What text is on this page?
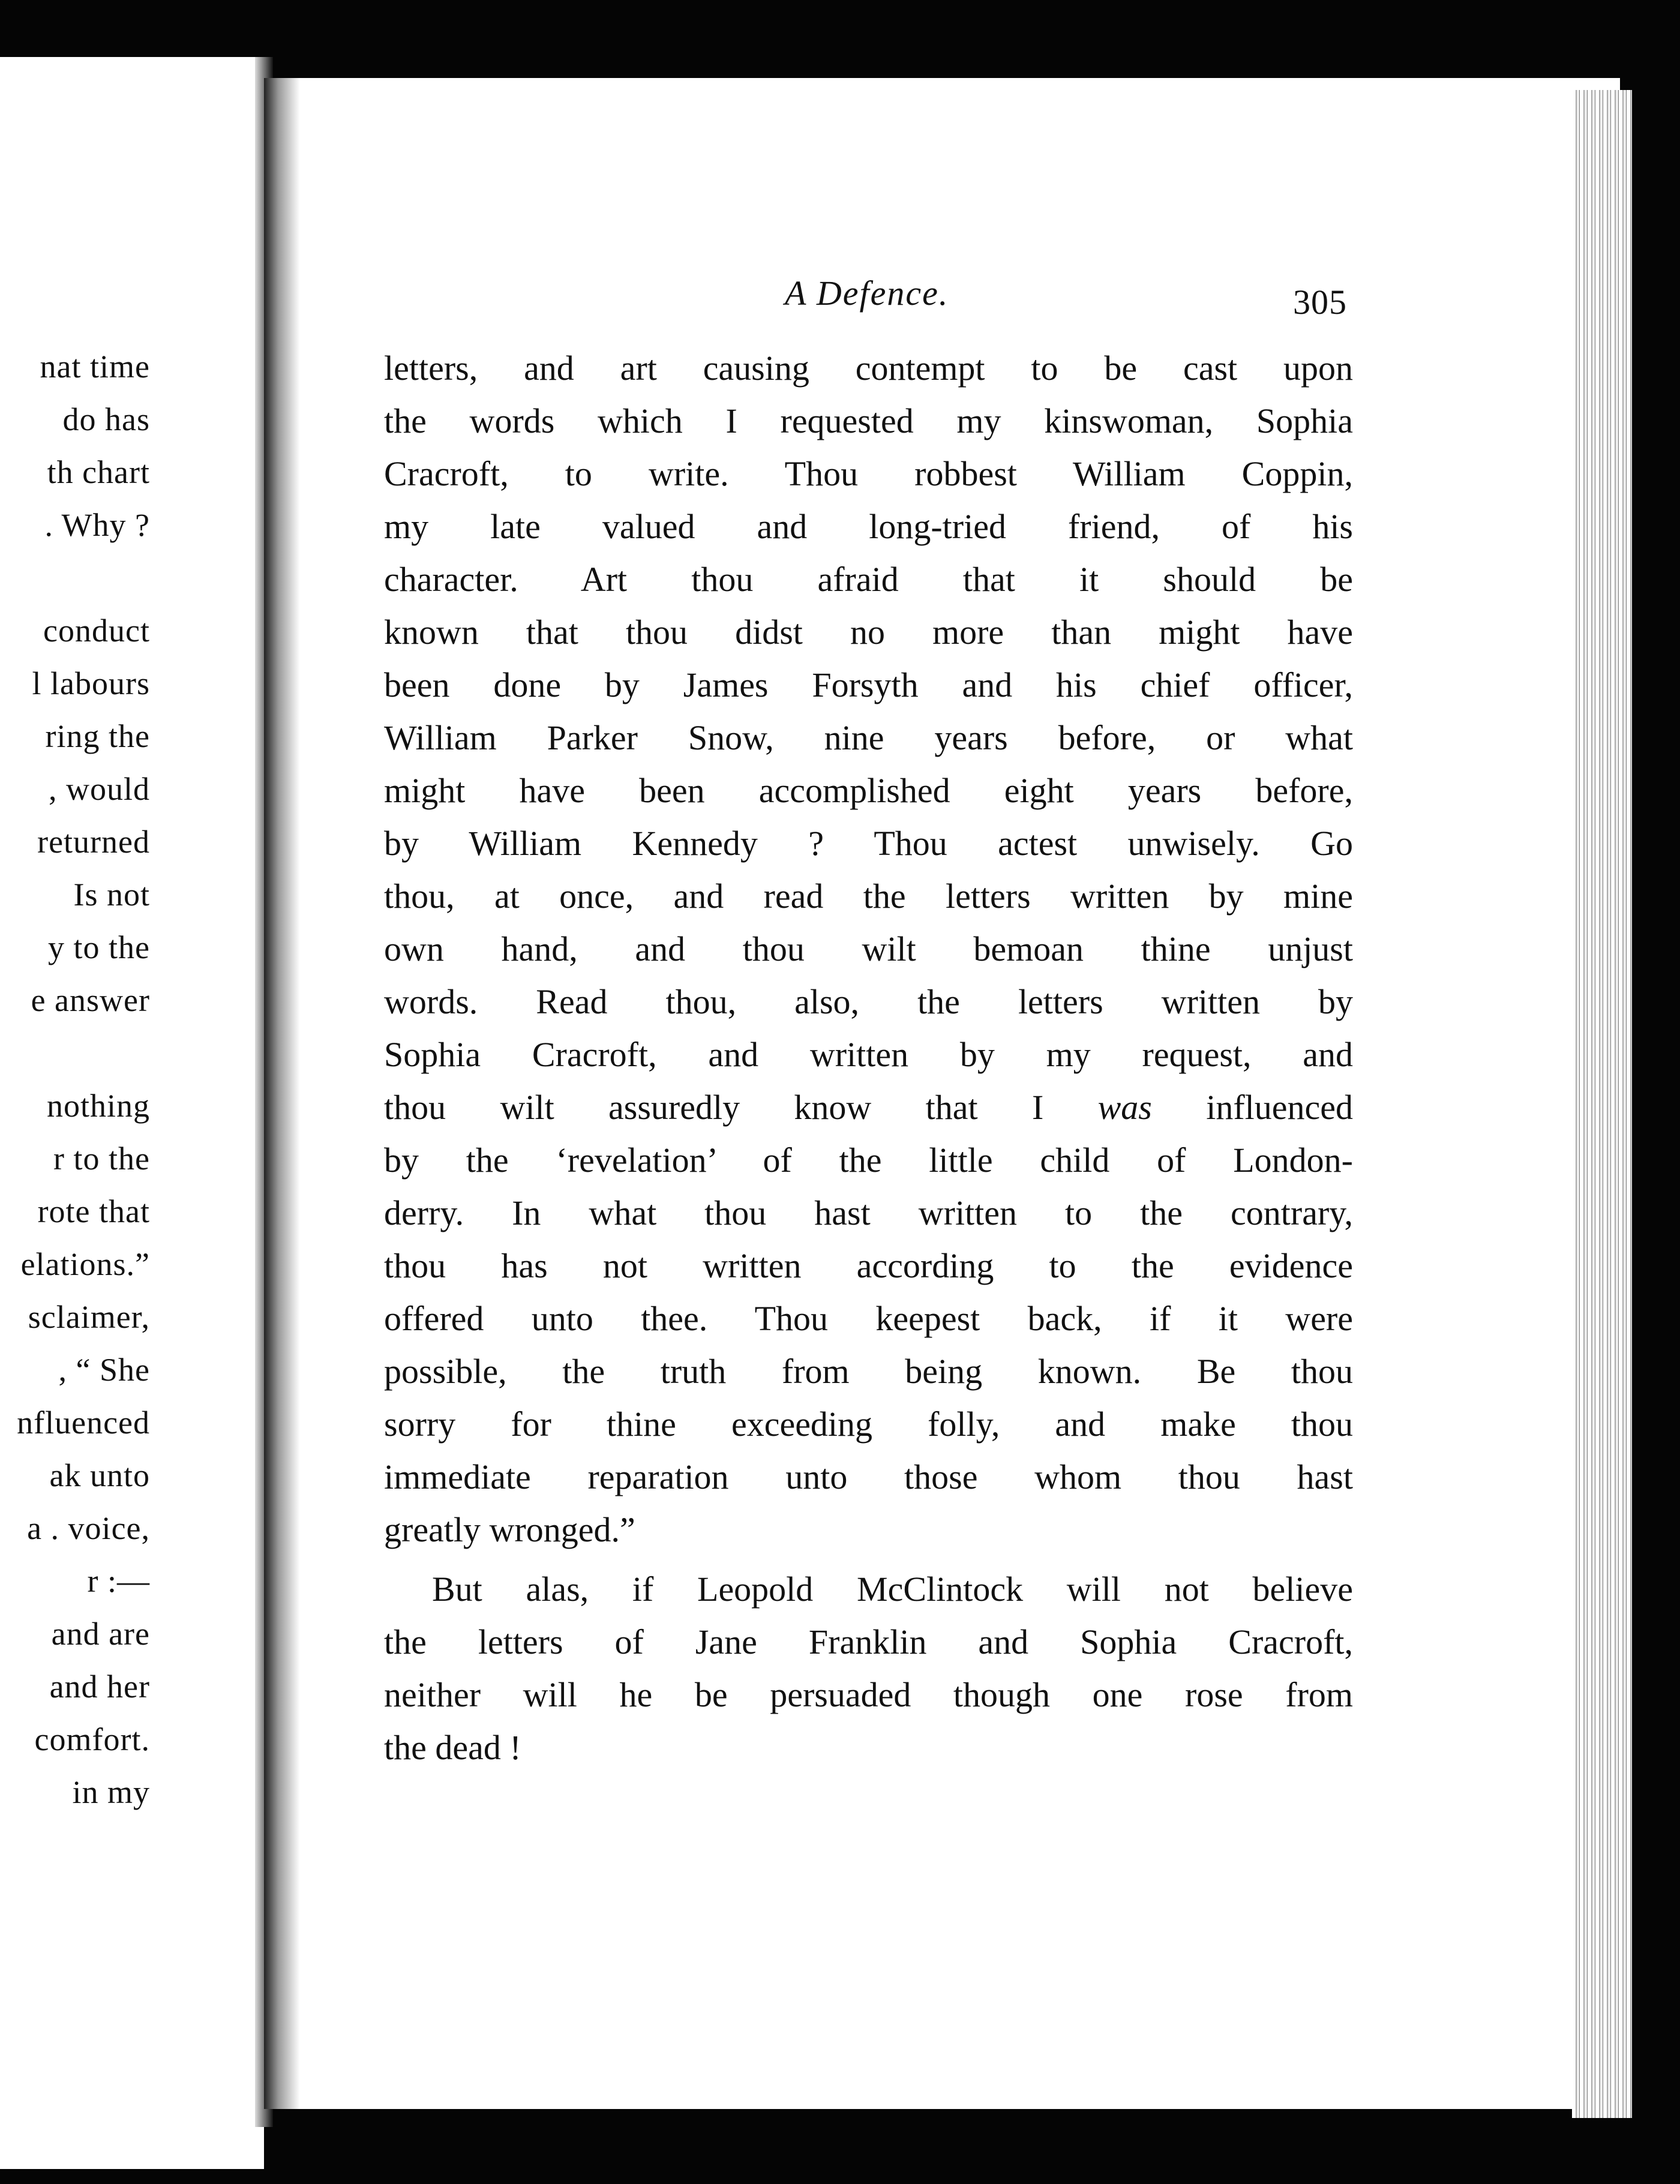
nat time
do has
th chart
. Why ?
conduct
l labours
ring the
, would
returned
Is not
y to the
e answer
nothing
r to the
rote that
elations.”
sclaimer,
, “ She
nfluenced
ak unto
a . voice,
r :—
and are
and her
comfort.
in my
A Defence.	305
letters, and art causing contempt to be cast upon
the words which I requested my kinswoman, Sophia
Cracroft, to write. Thou robbest William Coppin,
my late valued and long-tried friend, of his
character. Art thou afraid that it should be
known that thou didst no more than might have
been done by James Forsyth and his chief officer,
William Parker Snow, nine years before, or what
might have been accomplished eight years before,
by William Kennedy ? Thou actest unwisely. Go
thou, at once, and read the letters written by mine
own hand, and thou wilt bemoan thine unjust
words. Read thou, also, the letters written by
Sophia Cracroft, and written by my request, and
thou wilt assuredly know that I was influenced
by the ‘revelation’ of the little child of London-
derry. In what thou hast written to the contrary,
thou has not written according to the evidence
offered unto thee. Thou keepest back, if it were
possible, the truth from being known. Be thou
sorry for thine exceeding folly, and make thou
immediate reparation unto those whom thou hast
greatly wronged.”
But alas, if Leopold McClintock will not believe
the letters of Jane Franklin and Sophia Cracroft,
neither will he be persuaded though one rose from
the dead !
